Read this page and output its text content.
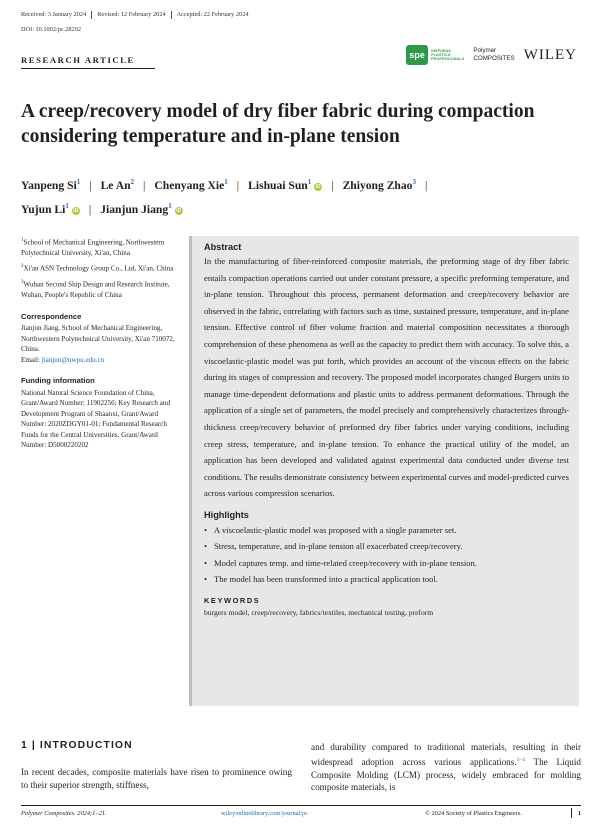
Received: 3 January 2024 Revised: 12 February 2024 Accepted: 22 February 2024
DOI: 10.1002/pc.28292
RESEARCH ARTICLE	spe	INSPIRING
PLASTICS
PROFESSIONALS
Polymer
COMPOSITES WILEY
A creep/recovery model of dry fiber fabric during compaction considering temperature and in-plane tension
Yanpeng Si$^1$ | Le An$^2$ | Chenyang Xie$^1$ | Lishuai Sun$^1$iD | Zhiyong Zhao$^3$ |
Yujun Li$^1$iD | Jianjun Jiang$^1$iD
$^1$School of Mechanical Engineering, Northwestern Polytechnical University, Xi'an, China
$^2$Xi'an ASN Technology Group Co., Ltd, Xi'an, China
$^3$Wuhan Second Ship Design and Research Institute, Wuhan, People's Republic of China
Correspondence
Jianjun Jiang, School of Mechanical Engineering, Northwestern Polytechnical University, Xi'an 710072, China.
Email: jianjun@nwpu.edu.cn
Funding information
National Natural Science Foundation of China, Grant/Award Number: 11902256; Key Research and Development Program of Shaanxi, Grant/Award Number: 2020ZDGY01-01; Fundamental Research Funds for the Central Universities, Grant/Award Number: D5000220202
Abstract

In the manufacturing of fiber-reinforced composite materials, the preforming stage of dry fiber fabric entails compaction operations carried out under constant pressure, a specific preforming temperature, and in-plane tension. Throughout this process, permanent deformation and creep/recovery behavior are observed in the fabric, correlating with factors such as time, sustained pressure, temperature, and in-plane tension. Effective control of fiber volume fraction and material composition necessitates a thorough comprehension of these phenomena as well as the capacity to predict them with accuracy. To solve this, a viscoelastic-plastic model was put forth, which provides an account of the viscous effects on the fabric during its stages of compression and recovery. The proposed model incorporates changed Burgers units to manage time-dependent deformations and plastic units to address permanent deformations. Through the application of a single set of parameters, the model precisely and comprehensively characterizes through-thickness creep/recovery behavior of preformed dry fiber fabrics under varying conditions, including creep stress, temperature, and in-plane tension. To enhance the practical utility of the model, an application has been developed and validated against experimental data conducted under diverse test conditions. The results demonstrate consistency between experimental curves and model-predicted curves across various compression scenarios.

Highlights
• A viscoelastic-plastic model was proposed with a single parameter set.
• Stress, temperature, and in-plane tension all exacerbated creep/recovery.
• Model captures temp. and time-related creep/recovery with in-plane tension.
• The model has been transformed into a practical application tool.
KEYWORDS
burgers model, creep/recovery, fabrics/textiles, mechanical testing, preform
1 | INTRODUCTION
In recent decades, composite materials have risen to prominence owing to their superior strength, stiffness,
and durability compared to traditional materials, resulting in their widespread adoption across various applications.$^{1-4}$ The Liquid Composite Molding (LCM) process, widely embraced for molding composite materials, is
Polymer Composites. 2024;1–21.	wileyonlinelibrary.com/journal/pc	© 2024 Society of Plastics Engineers.	1
